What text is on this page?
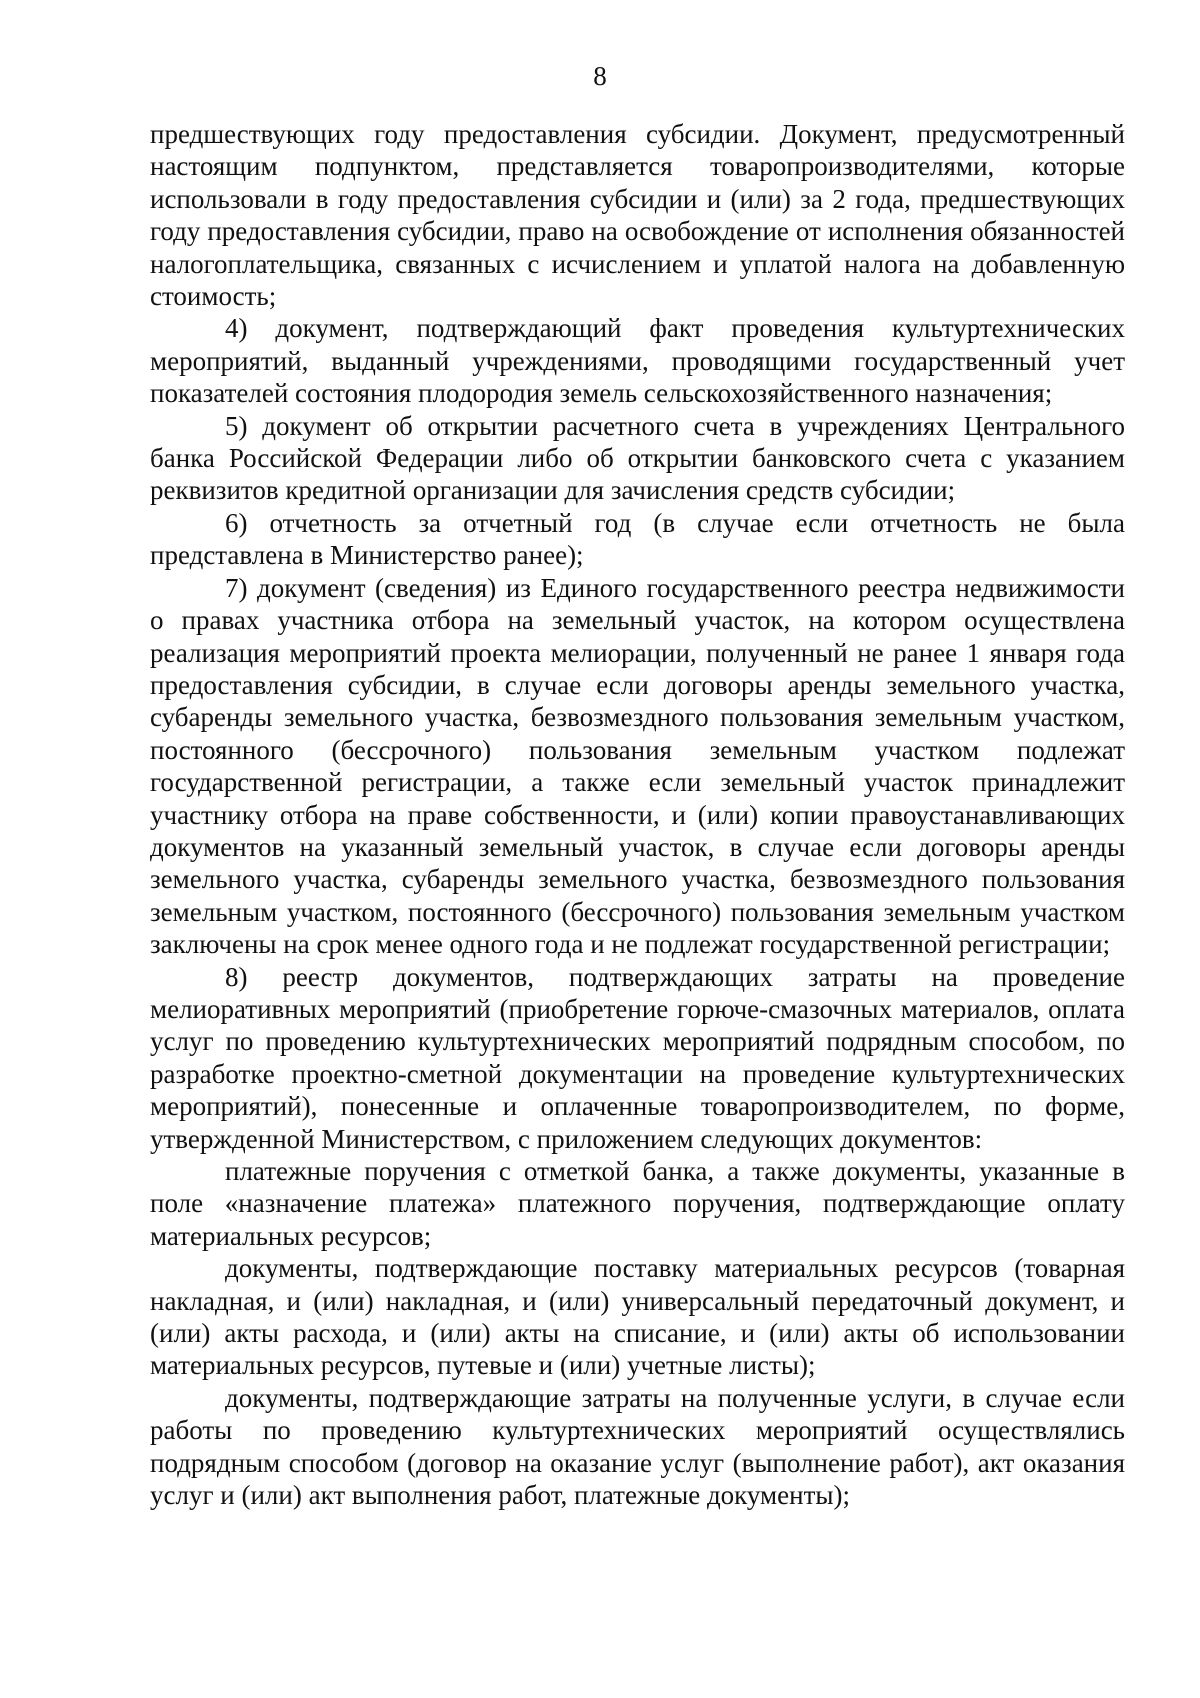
8

предшествующих году предоставления субсидии. Документ, предусмотренный настоящим подпунктом, представляется товаропроизводителями, которые использовали в году предоставления субсидии и (или) за 2 года, предшествующих году предоставления субсидии, право на освобождение от исполнения обязанностей налогоплательщика, связанных с исчислением и уплатой налога на добавленную стоимость;

4) документ, подтверждающий факт проведения культуртехнических мероприятий, выданный учреждениями, проводящими государственный учет показателей состояния плодородия земель сельскохозяйственного назначения;

5) документ об открытии расчетного счета в учреждениях Центрального банка Российской Федерации либо об открытии банковского счета с указанием реквизитов кредитной организации для зачисления средств субсидии;

6) отчетность за отчетный год (в случае если отчетность не была представлена в Министерство ранее);

7) документ (сведения) из Единого государственного реестра недвижимости о правах участника отбора на земельный участок, на котором осуществлена реализация мероприятий проекта мелиорации, полученный не ранее 1 января года предоставления субсидии, в случае если договоры аренды земельного участка, субаренды земельного участка, безвозмездного пользования земельным участком, постоянного (бессрочного) пользования земельным участком подлежат государственной регистрации, а также если земельный участок принадлежит участнику отбора на праве собственности, и (или) копии правоустанавливающих документов на указанный земельный участок, в случае если договоры аренды земельного участка, субаренды земельного участка, безвозмездного пользования земельным участком, постоянного (бессрочного) пользования земельным участком заключены на срок менее одного года и не подлежат государственной регистрации;

8) реестр документов, подтверждающих затраты на проведение мелиоративных мероприятий (приобретение горюче-смазочных материалов, оплата услуг по проведению культуртехнических мероприятий подрядным способом, по разработке проектно-сметной документации на проведение культуртехнических мероприятий), понесенные и оплаченные товаропроизводителем, по форме, утвержденной Министерством, с приложением следующих документов:

платежные поручения с отметкой банка, а также документы, указанные в поле «назначение платежа» платежного поручения, подтверждающие оплату материальных ресурсов;

документы, подтверждающие поставку материальных ресурсов (товарная накладная, и (или) накладная, и (или) универсальный передаточный документ, и (или) акты расхода, и (или) акты на списание, и (или) акты об использовании материальных ресурсов, путевые и (или) учетные листы);

документы, подтверждающие затраты на полученные услуги, в случае если работы по проведению культуртехнических мероприятий осуществлялись подрядным способом (договор на оказание услуг (выполнение работ), акт оказания услуг и (или) акт выполнения работ, платежные документы);
